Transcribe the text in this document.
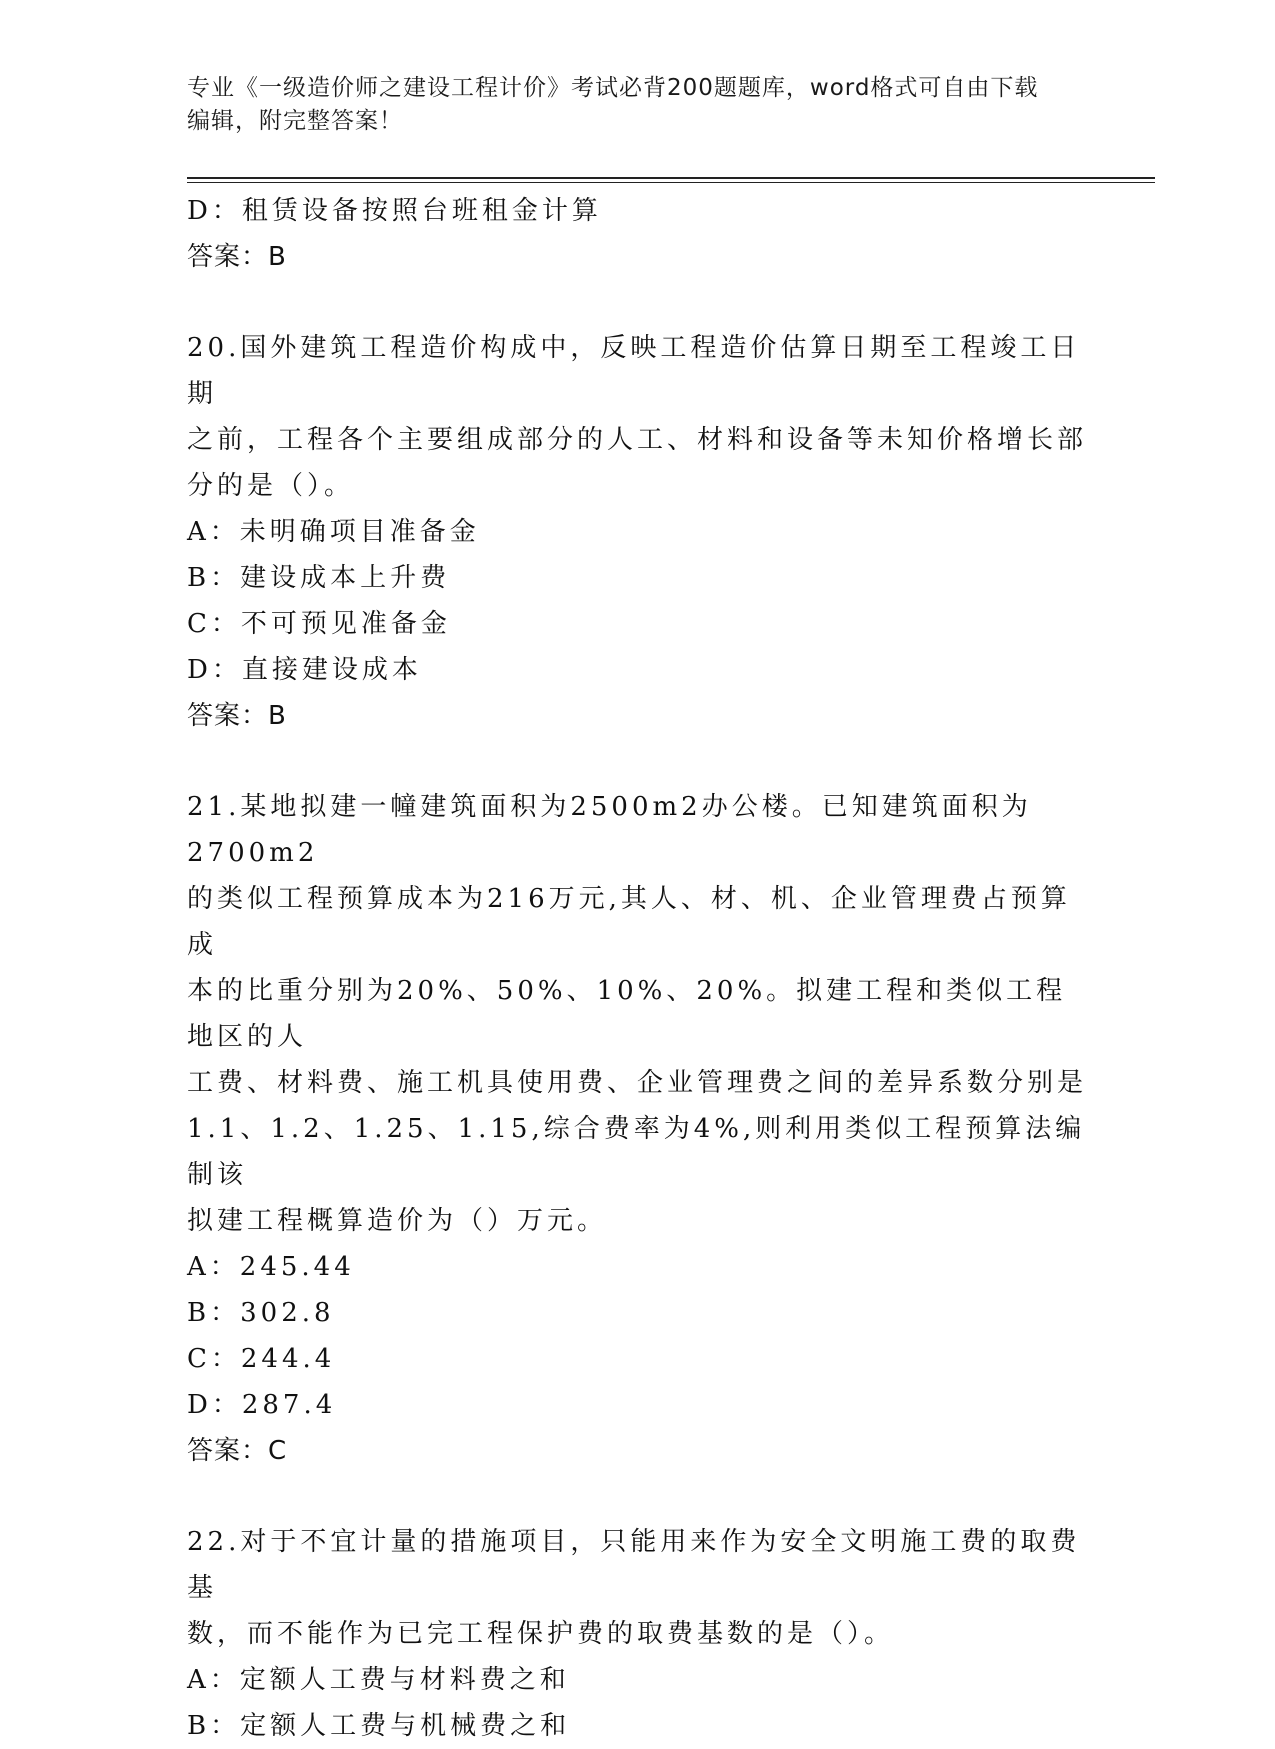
专业《一级造价师之建设工程计价》考试必背200题题库，word格式可自由下载
编辑，附完整答案！
D：租赁设备按照台班租金计算
答案：B
20.国外建筑工程造价构成中，反映工程造价估算日期至工程竣工日期
之前，工程各个主要组成部分的人工、材料和设备等未知价格增长部
分的是（）。
A：未明确项目准备金
B：建设成本上升费
C：不可预见准备金
D：直接建设成本
答案：B
21.某地拟建一幢建筑面积为2500m2办公楼。已知建筑面积为2700m2
的类似工程预算成本为216万元,其人、材、机、企业管理费占预算成
本的比重分别为20%、50%、10%、20%。拟建工程和类似工程地区的人
工费、材料费、施工机具使用费、企业管理费之间的差异系数分别是
1.1、1.2、1.25、1.15,综合费率为4%,则利用类似工程预算法编制该
拟建工程概算造价为（）万元。
A：245.44
B：302.8
C：244.4
D：287.4
答案：C
22.对于不宜计量的措施项目，只能用来作为安全文明施工费的取费基
数，而不能作为已完工程保护费的取费基数的是（）。
A：定额人工费与材料费之和
B：定额人工费与机械费之和
